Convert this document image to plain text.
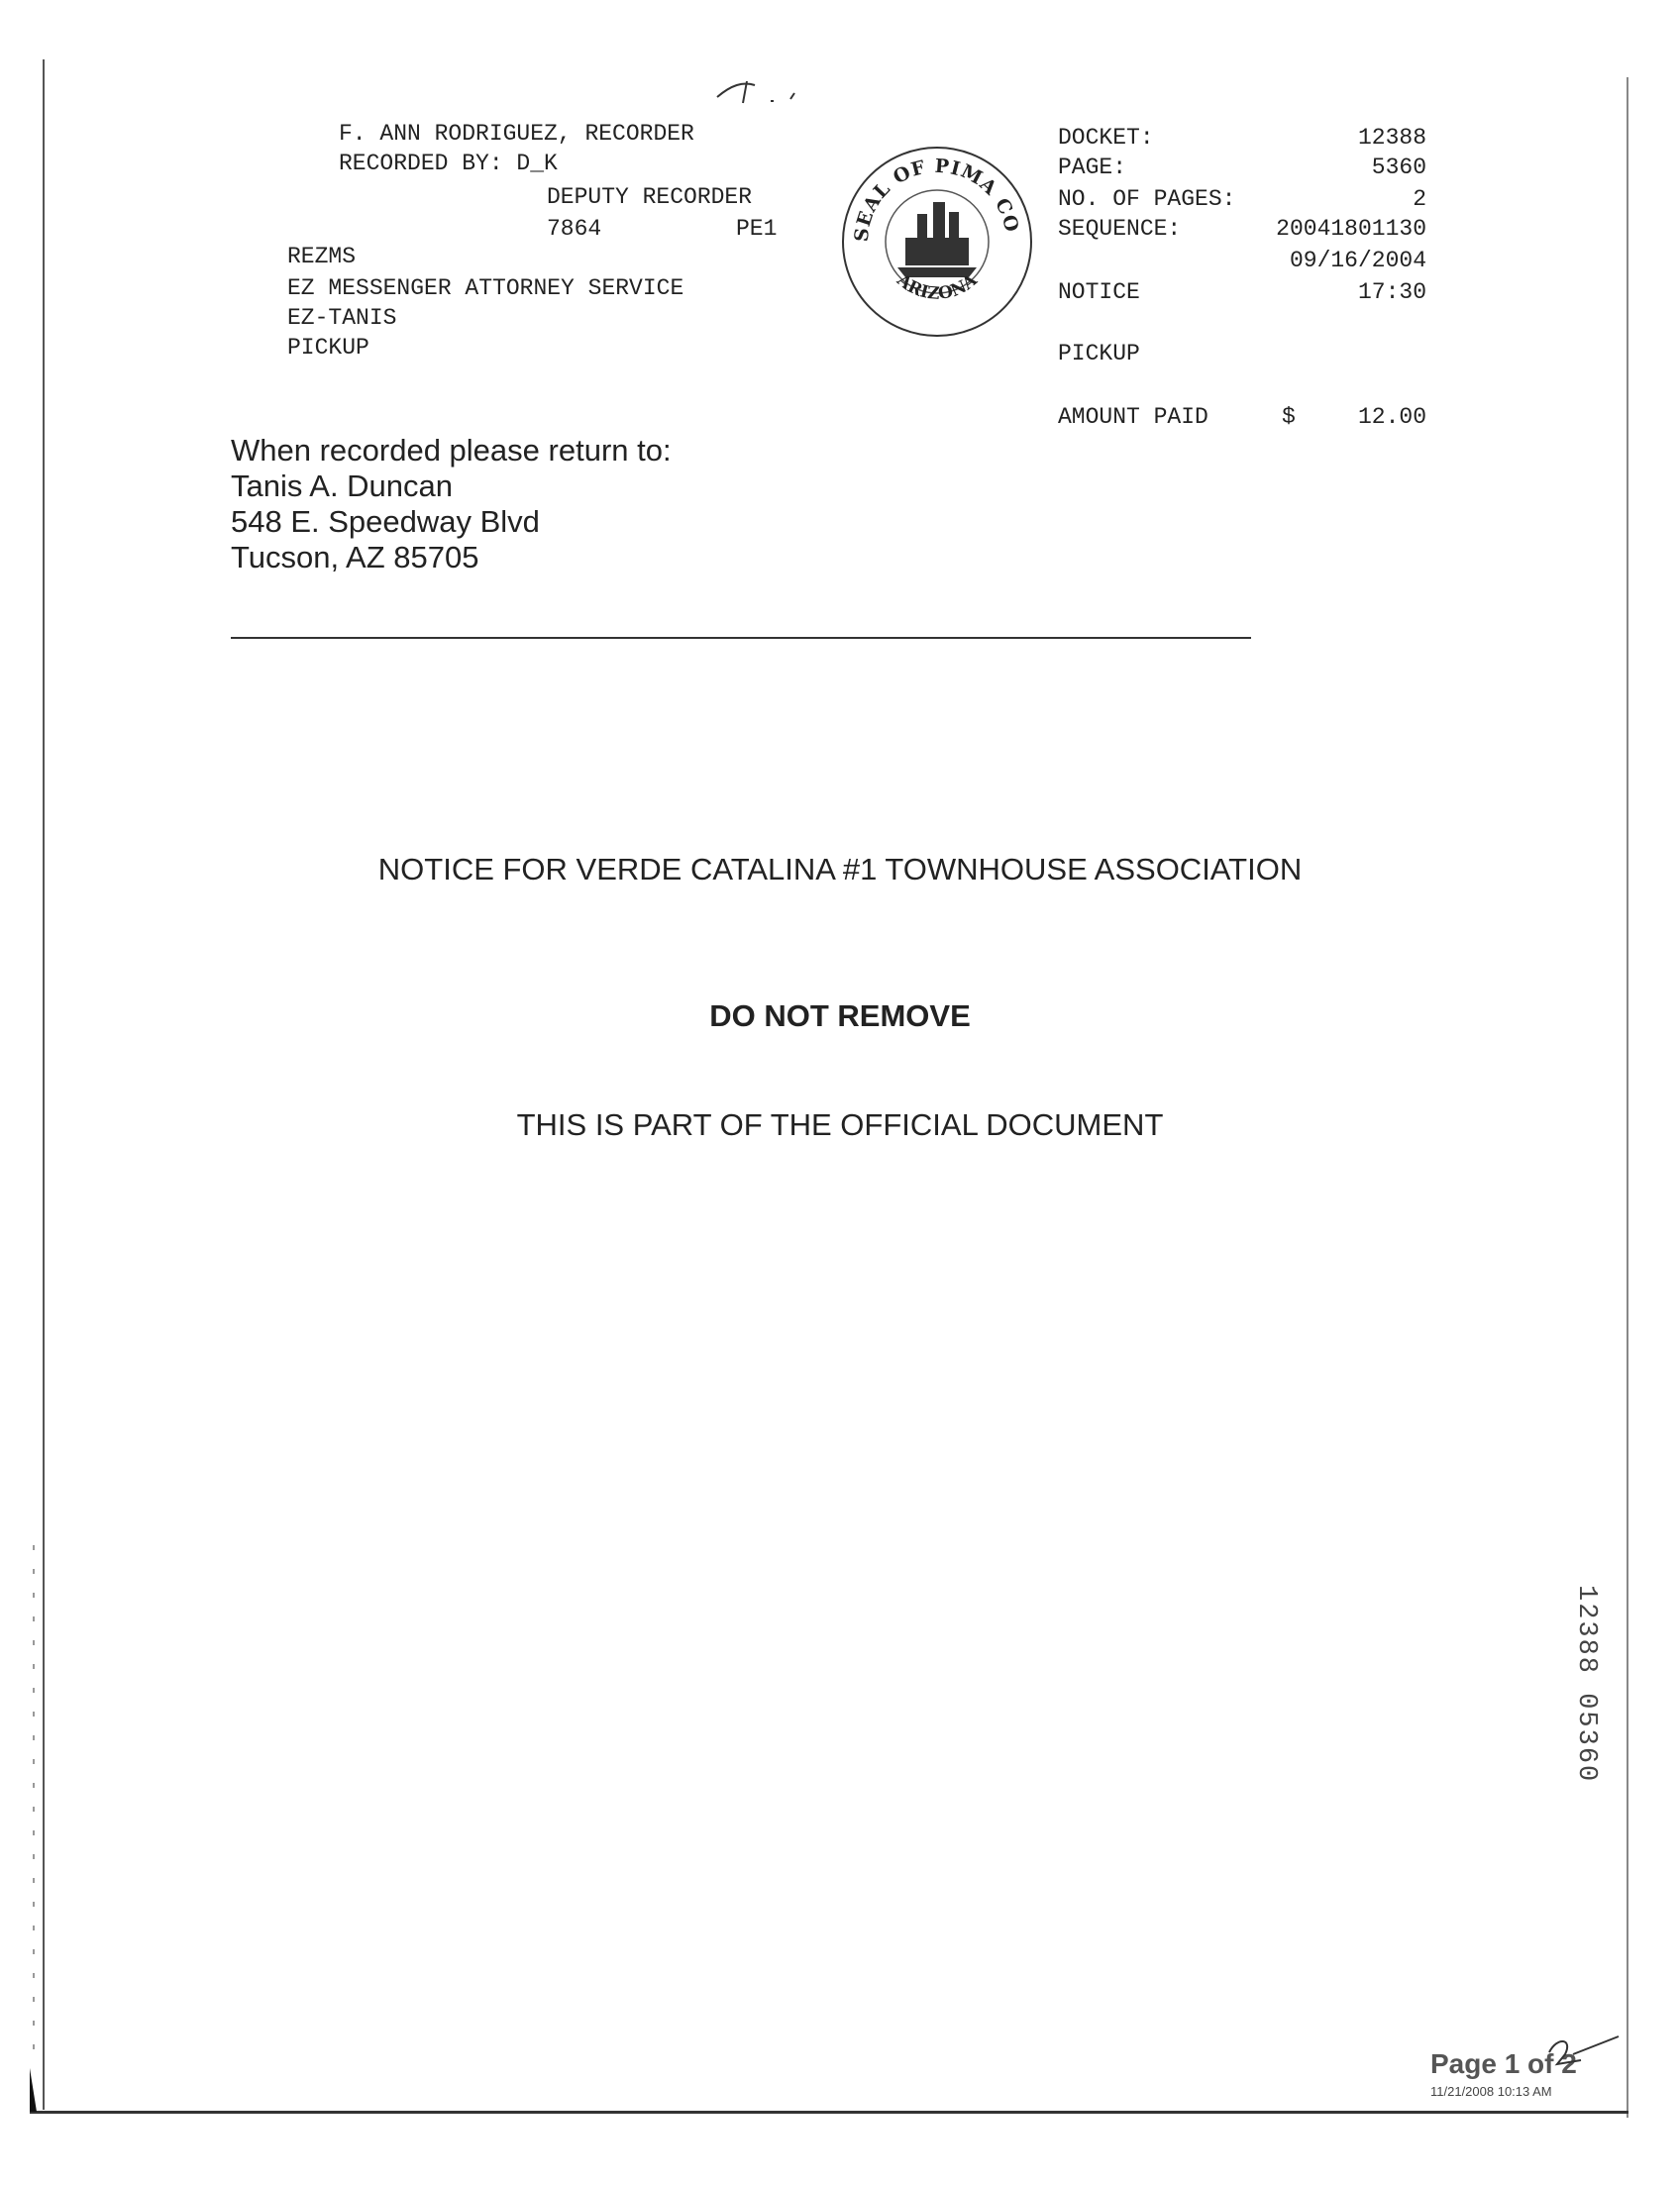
F. ANN RODRIGUEZ, RECORDER
RECORDED BY: D_K
DEPUTY RECORDER
7864	PE1
REZMS
EZ MESSENGER ATTORNEY SERVICE
EZ-TANIS
PICKUP
SEAL OF PIMA CO
ARIZONA
DOCKET:	12388
PAGE:	5360
NO. OF PAGES:	2
SEQUENCE:	20041801130
09/16/2004
NOTICE	17:30
PICKUP
AMOUNT PAID	$	12.00
When recorded please return to:
Tanis A. Duncan
548 E. Speedway Blvd
Tucson, AZ 85705
NOTICE FOR VERDE CATALINA #1 TOWNHOUSE ASSOCIATION
DO NOT REMOVE
THIS IS PART OF THE OFFICIAL DOCUMENT
12388 05360
Page 1 of 2
11/21/2008 10:13 AM
